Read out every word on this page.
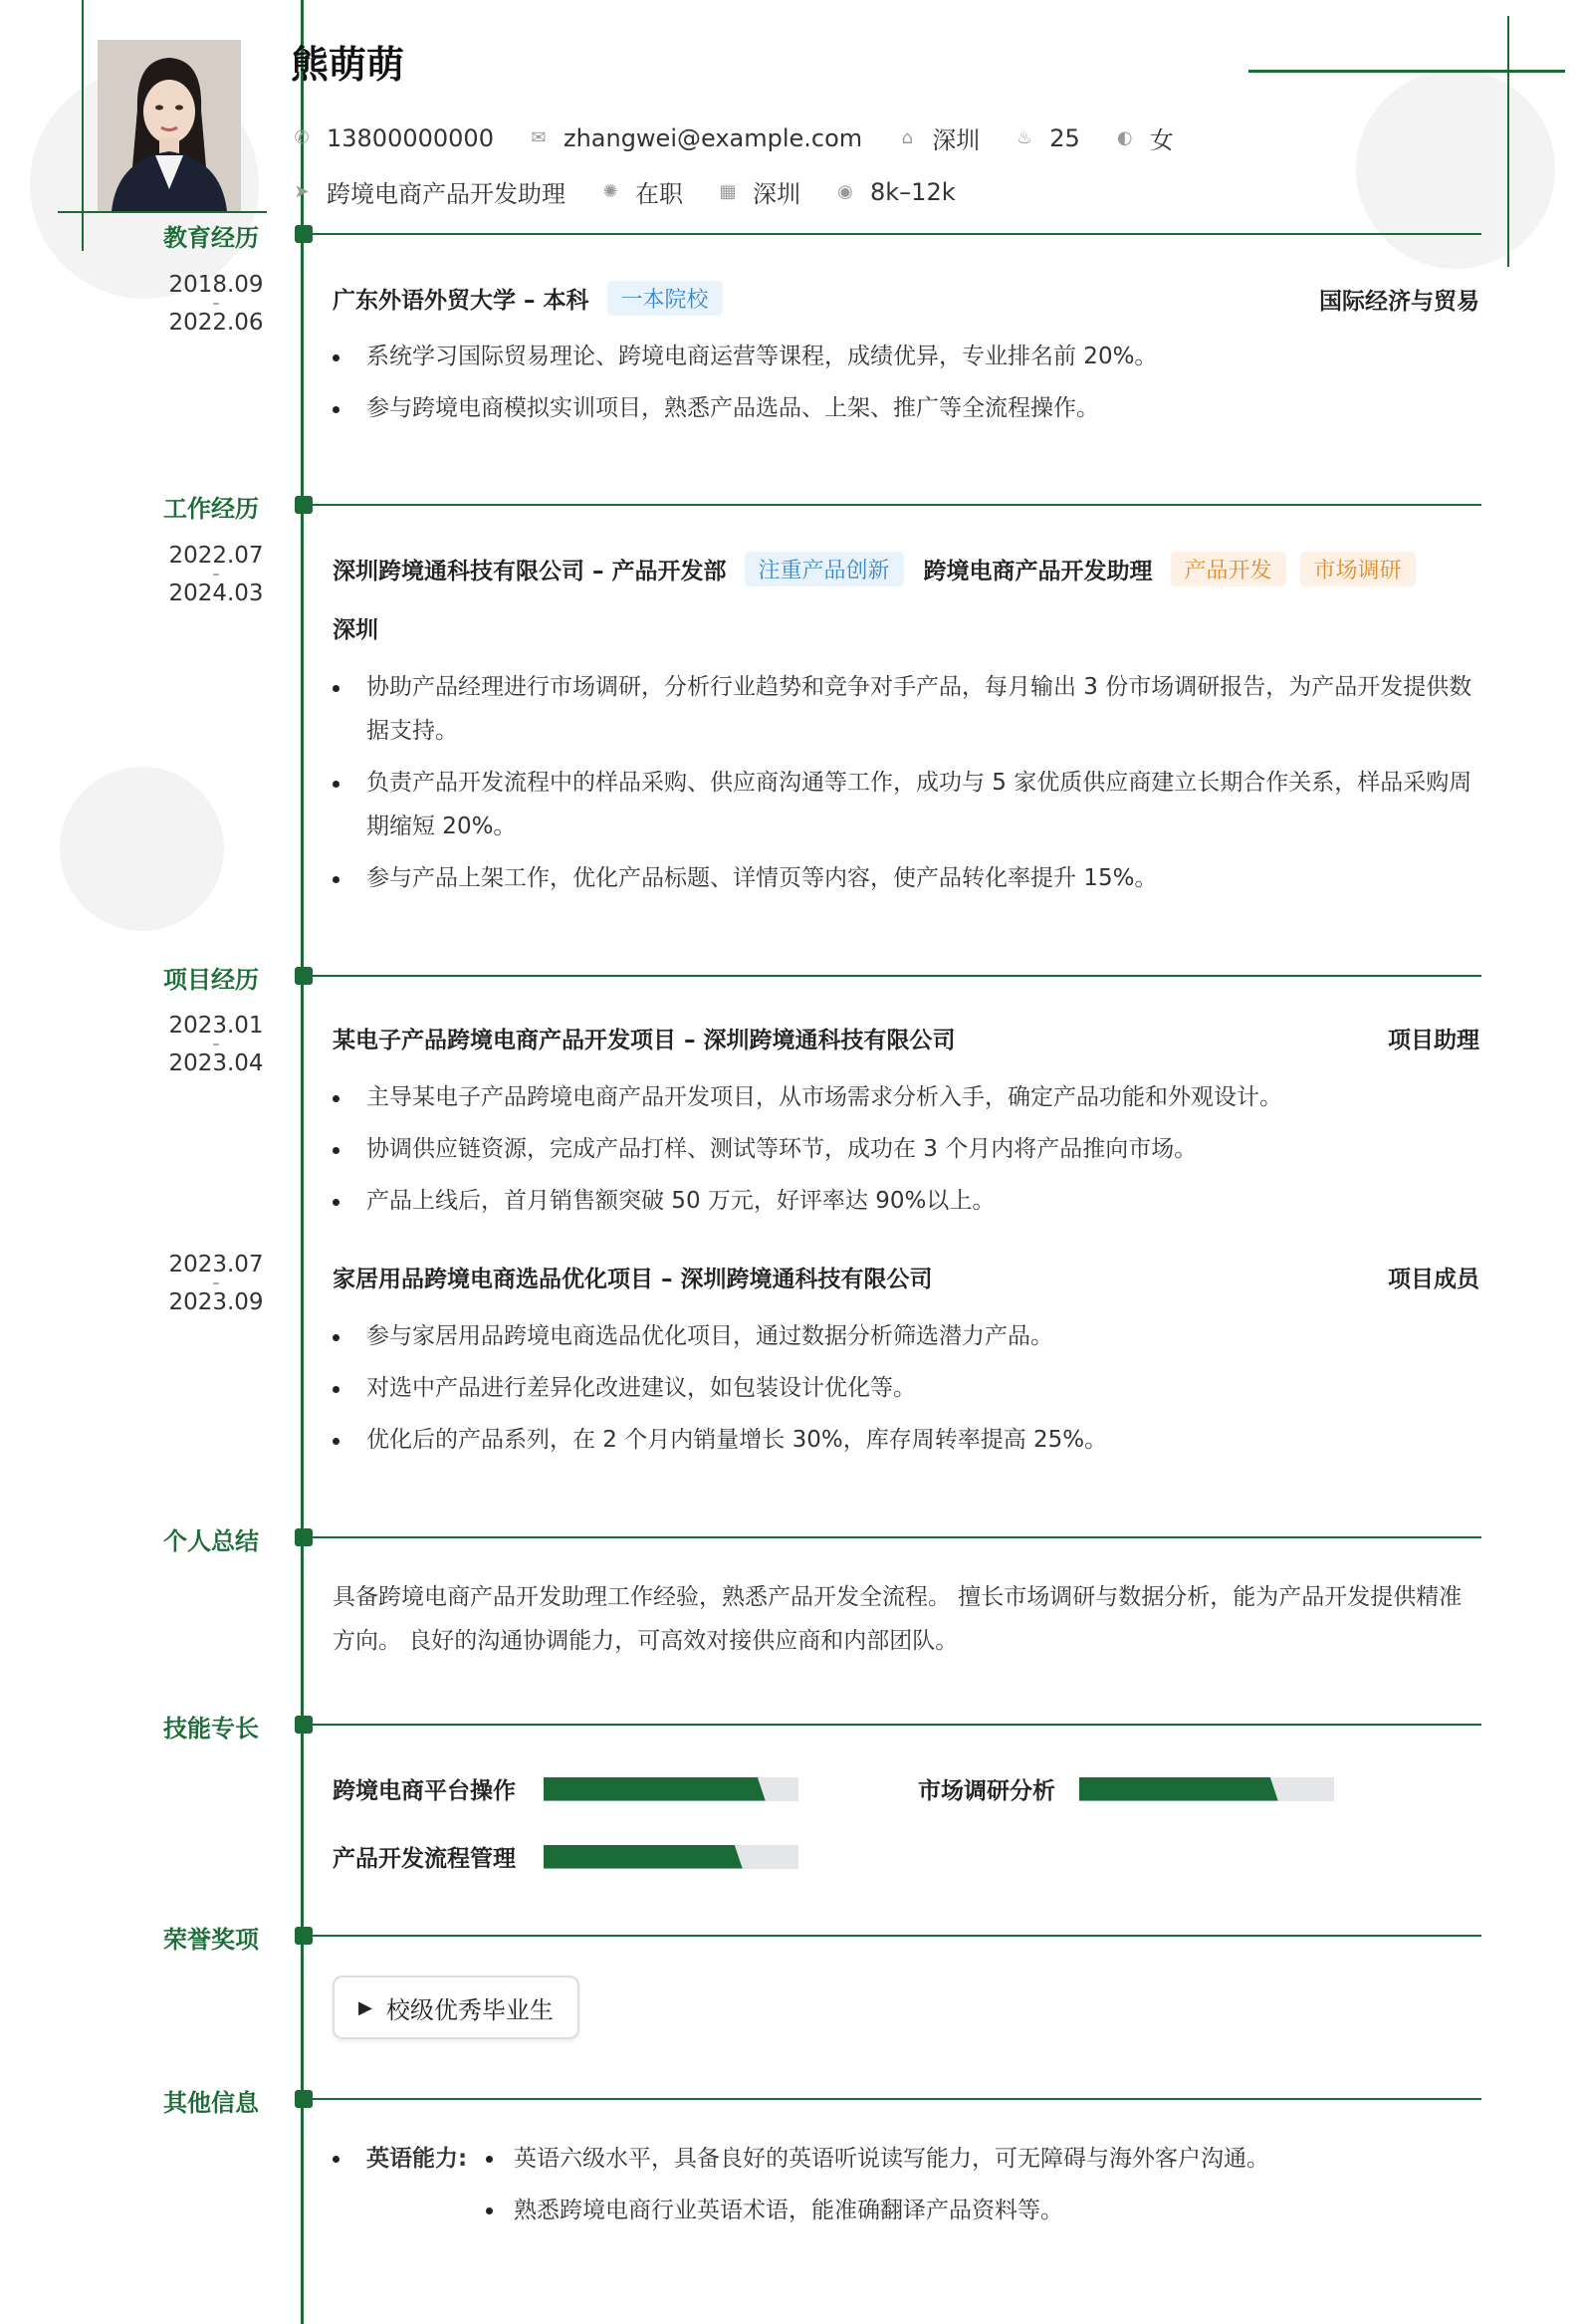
熊萌萌
✆ 13800000000 ✉ zhangwei@example.com ⌂ 深圳 ♨ 25 ◐ 女
➤ 跨境电商产品开发助理 ✺ 在职 ▦ 深圳 ◉ 8k–12k
教育经历
2018.09
–
2022.06
广东外语外贸大学 – 本科	一本院校	国际经济与贸易
系统学习国际贸易理论、跨境电商运营等课程，成绩优异，专业排名前 20%。
参与跨境电商模拟实训项目，熟悉产品选品、上架、推广等全流程操作。
工作经历
2022.07
–
2024.03
深圳跨境通科技有限公司 – 产品开发部	注重产品创新	跨境电商产品开发助理	产品开发	市场调研
深圳
协助产品经理进行市场调研，分析行业趋势和竞争对手产品，每月输出 3 份市场调研报告，为产品开发提供数据支持。
负责产品开发流程中的样品采购、供应商沟通等工作，成功与 5 家优质供应商建立长期合作关系，样品采购周期缩短 20%。
参与产品上架工作，优化产品标题、详情页等内容，使产品转化率提升 15%。
项目经历
2023.01
–
2023.04
某电子产品跨境电商产品开发项目 – 深圳跨境通科技有限公司	项目助理
主导某电子产品跨境电商产品开发项目，从市场需求分析入手，确定产品功能和外观设计。
协调供应链资源，完成产品打样、测试等环节，成功在 3 个月内将产品推向市场。
产品上线后，首月销售额突破 50 万元，好评率达 90%以上。
2023.07
–
2023.09
家居用品跨境电商选品优化项目 – 深圳跨境通科技有限公司	项目成员
参与家居用品跨境电商选品优化项目，通过数据分析筛选潜力产品。
对选中产品进行差异化改进建议，如包装设计优化等。
优化后的产品系列，在 2 个月内销量增长 30%，库存周转率提高 25%。
个人总结
具备跨境电商产品开发助理工作经验，熟悉产品开发全流程。 擅长市场调研与数据分析，能为产品开发提供精准方向。 良好的沟通协调能力，可高效对接供应商和内部团队。
技能专长
跨境电商平台操作	市场调研分析
产品开发流程管理
荣誉奖项
▶ 校级优秀毕业生
其他信息
英语能力:	英语六级水平，具备良好的英语听说读写能力，可无障碍与海外客户沟通。
熟悉跨境电商行业英语术语，能准确翻译产品资料等。
